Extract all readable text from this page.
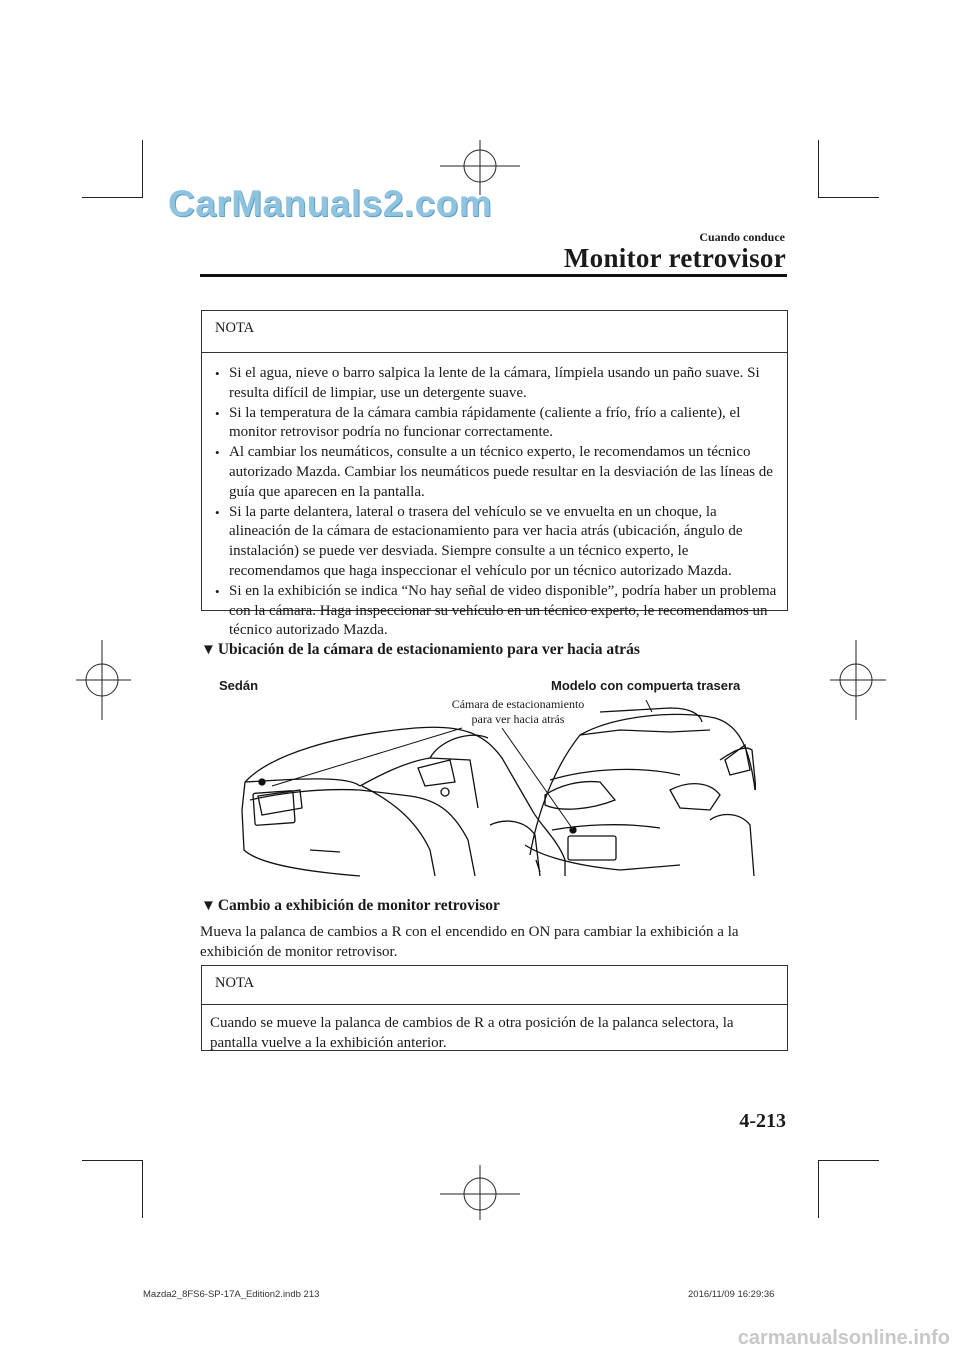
CarManuals2.com
Cuando conduce
Monitor retrovisor
NOTA
• Si el agua, nieve o barro salpica la lente de la cámara, límpiela usando un paño suave. Si resulta difícil de limpiar, use un detergente suave.
• Si la temperatura de la cámara cambia rápidamente (caliente a frío, frío a caliente), el monitor retrovisor podría no funcionar correctamente.
• Al cambiar los neumáticos, consulte a un técnico experto, le recomendamos un técnico autorizado Mazda. Cambiar los neumáticos puede resultar en la desviación de las líneas de guía que aparecen en la pantalla.
• Si la parte delantera, lateral o trasera del vehículo se ve envuelta en un choque, la alineación de la cámara de estacionamiento para ver hacia atrás (ubicación, ángulo de instalación) se puede ver desviada. Siempre consulte a un técnico experto, le recomendamos que haga inspeccionar el vehículo por un técnico autorizado Mazda.
• Si en la exhibición se indica “No hay señal de video disponible”, podría haber un problema con la cámara. Haga inspeccionar su vehículo en un técnico experto, le recomendamos un técnico autorizado Mazda.
▼ Ubicación de la cámara de estacionamiento para ver hacia atrás
Sedán	Modelo con compuerta trasera
Cámara de estacionamiento
para ver hacia atrás
▼ Cambio a exhibición de monitor retrovisor
Mueva la palanca de cambios a R con el encendido en ON para cambiar la exhibición a la exhibición de monitor retrovisor.
NOTA
Cuando se mueve la palanca de cambios de R a otra posición de la palanca selectora, la pantalla vuelve a la exhibición anterior.
4-213
Mazda2_8FS6-SP-17A_Edition2.indb 213	2016/11/09 16:29:36
carmanualsonline.info
